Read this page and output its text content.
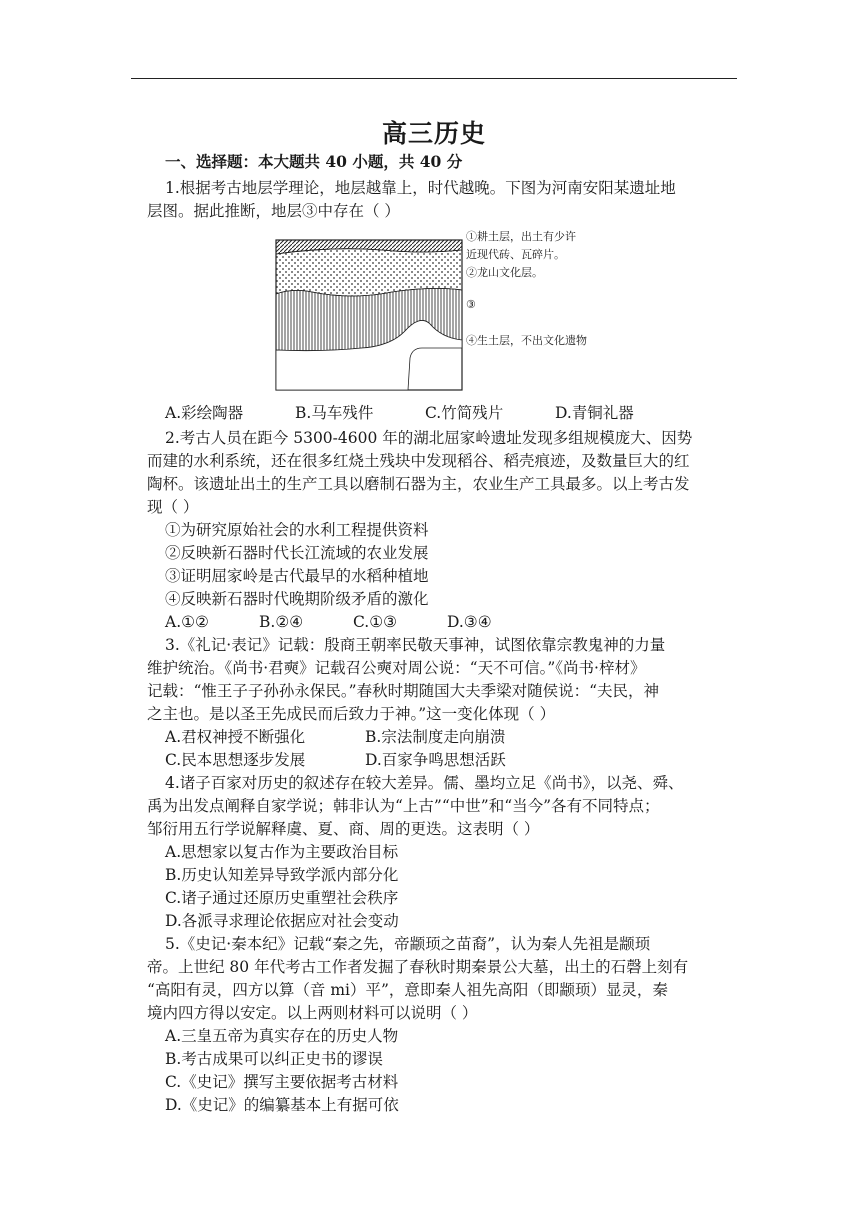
高三历史
一、选择题：本大题共 40 小题，共 40 分
1.根据考古地层学理论，地层越靠上，时代越晚。下图为河南安阳某遗址地
层图。据此推断，地层③中存在（ ）
①耕土层，出土有少许
近现代砖、瓦碎片。
②龙山文化层。
③
④生土层，不出文化遗物
A.彩绘陶器	B.马车残件	C.竹简残片	D.青铜礼器
2.考古人员在距今 5300-4600 年的湖北屈家岭遗址发现多组规模庞大、因势
而建的水利系统，还在很多红烧土残块中发现稻谷、稻壳痕迹，及数量巨大的红
陶杯。该遗址出土的生产工具以磨制石器为主，农业生产工具最多。以上考古发
现（ ）
①为研究原始社会的水利工程提供资料
②反映新石器时代长江流域的农业发展
③证明屈家岭是古代最早的水稻种植地
④反映新石器时代晚期阶级矛盾的激化
A.①②	B.②④	C.①③	D.③④
3.《礼记·表记》记载：殷商王朝率民敬天事神，试图依靠宗教鬼神的力量
维护统治。《尚书·君奭》记载召公奭对周公说：“天不可信。”《尚书·梓材》
记载：“惟王子子孙孙永保民。”春秋时期随国大夫季梁对随侯说：“夫民，神
之主也。是以圣王先成民而后致力于神。”这一变化体现（ ）
A.君权神授不断强化	B.宗法制度走向崩溃
C.民本思想逐步发展	D.百家争鸣思想活跃
4.诸子百家对历史的叙述存在较大差异。儒、墨均立足《尚书》，以尧、舜、
禹为出发点阐释自家学说；韩非认为“上古”“中世”和“当今”各有不同特点；
邹衍用五行学说解释虞、夏、商、周的更迭。这表明（ ）
A.思想家以复古作为主要政治目标
B.历史认知差异导致学派内部分化
C.诸子通过还原历史重塑社会秩序
D.各派寻求理论依据应对社会变动
5.《史记·秦本纪》记载“秦之先，帝颛顼之苗裔”，认为秦人先祖是颛顼
帝。上世纪 80 年代考古工作者发掘了春秋时期秦景公大墓，出土的石磬上刻有
“高阳有灵，四方以算（音 mi）平”，意即秦人祖先高阳（即颛顼）显灵，秦
境内四方得以安定。以上两则材料可以说明（ ）
A.三皇五帝为真实存在的历史人物
B.考古成果可以纠正史书的谬误
C.《史记》撰写主要依据考古材料
D.《史记》的编纂基本上有据可依
